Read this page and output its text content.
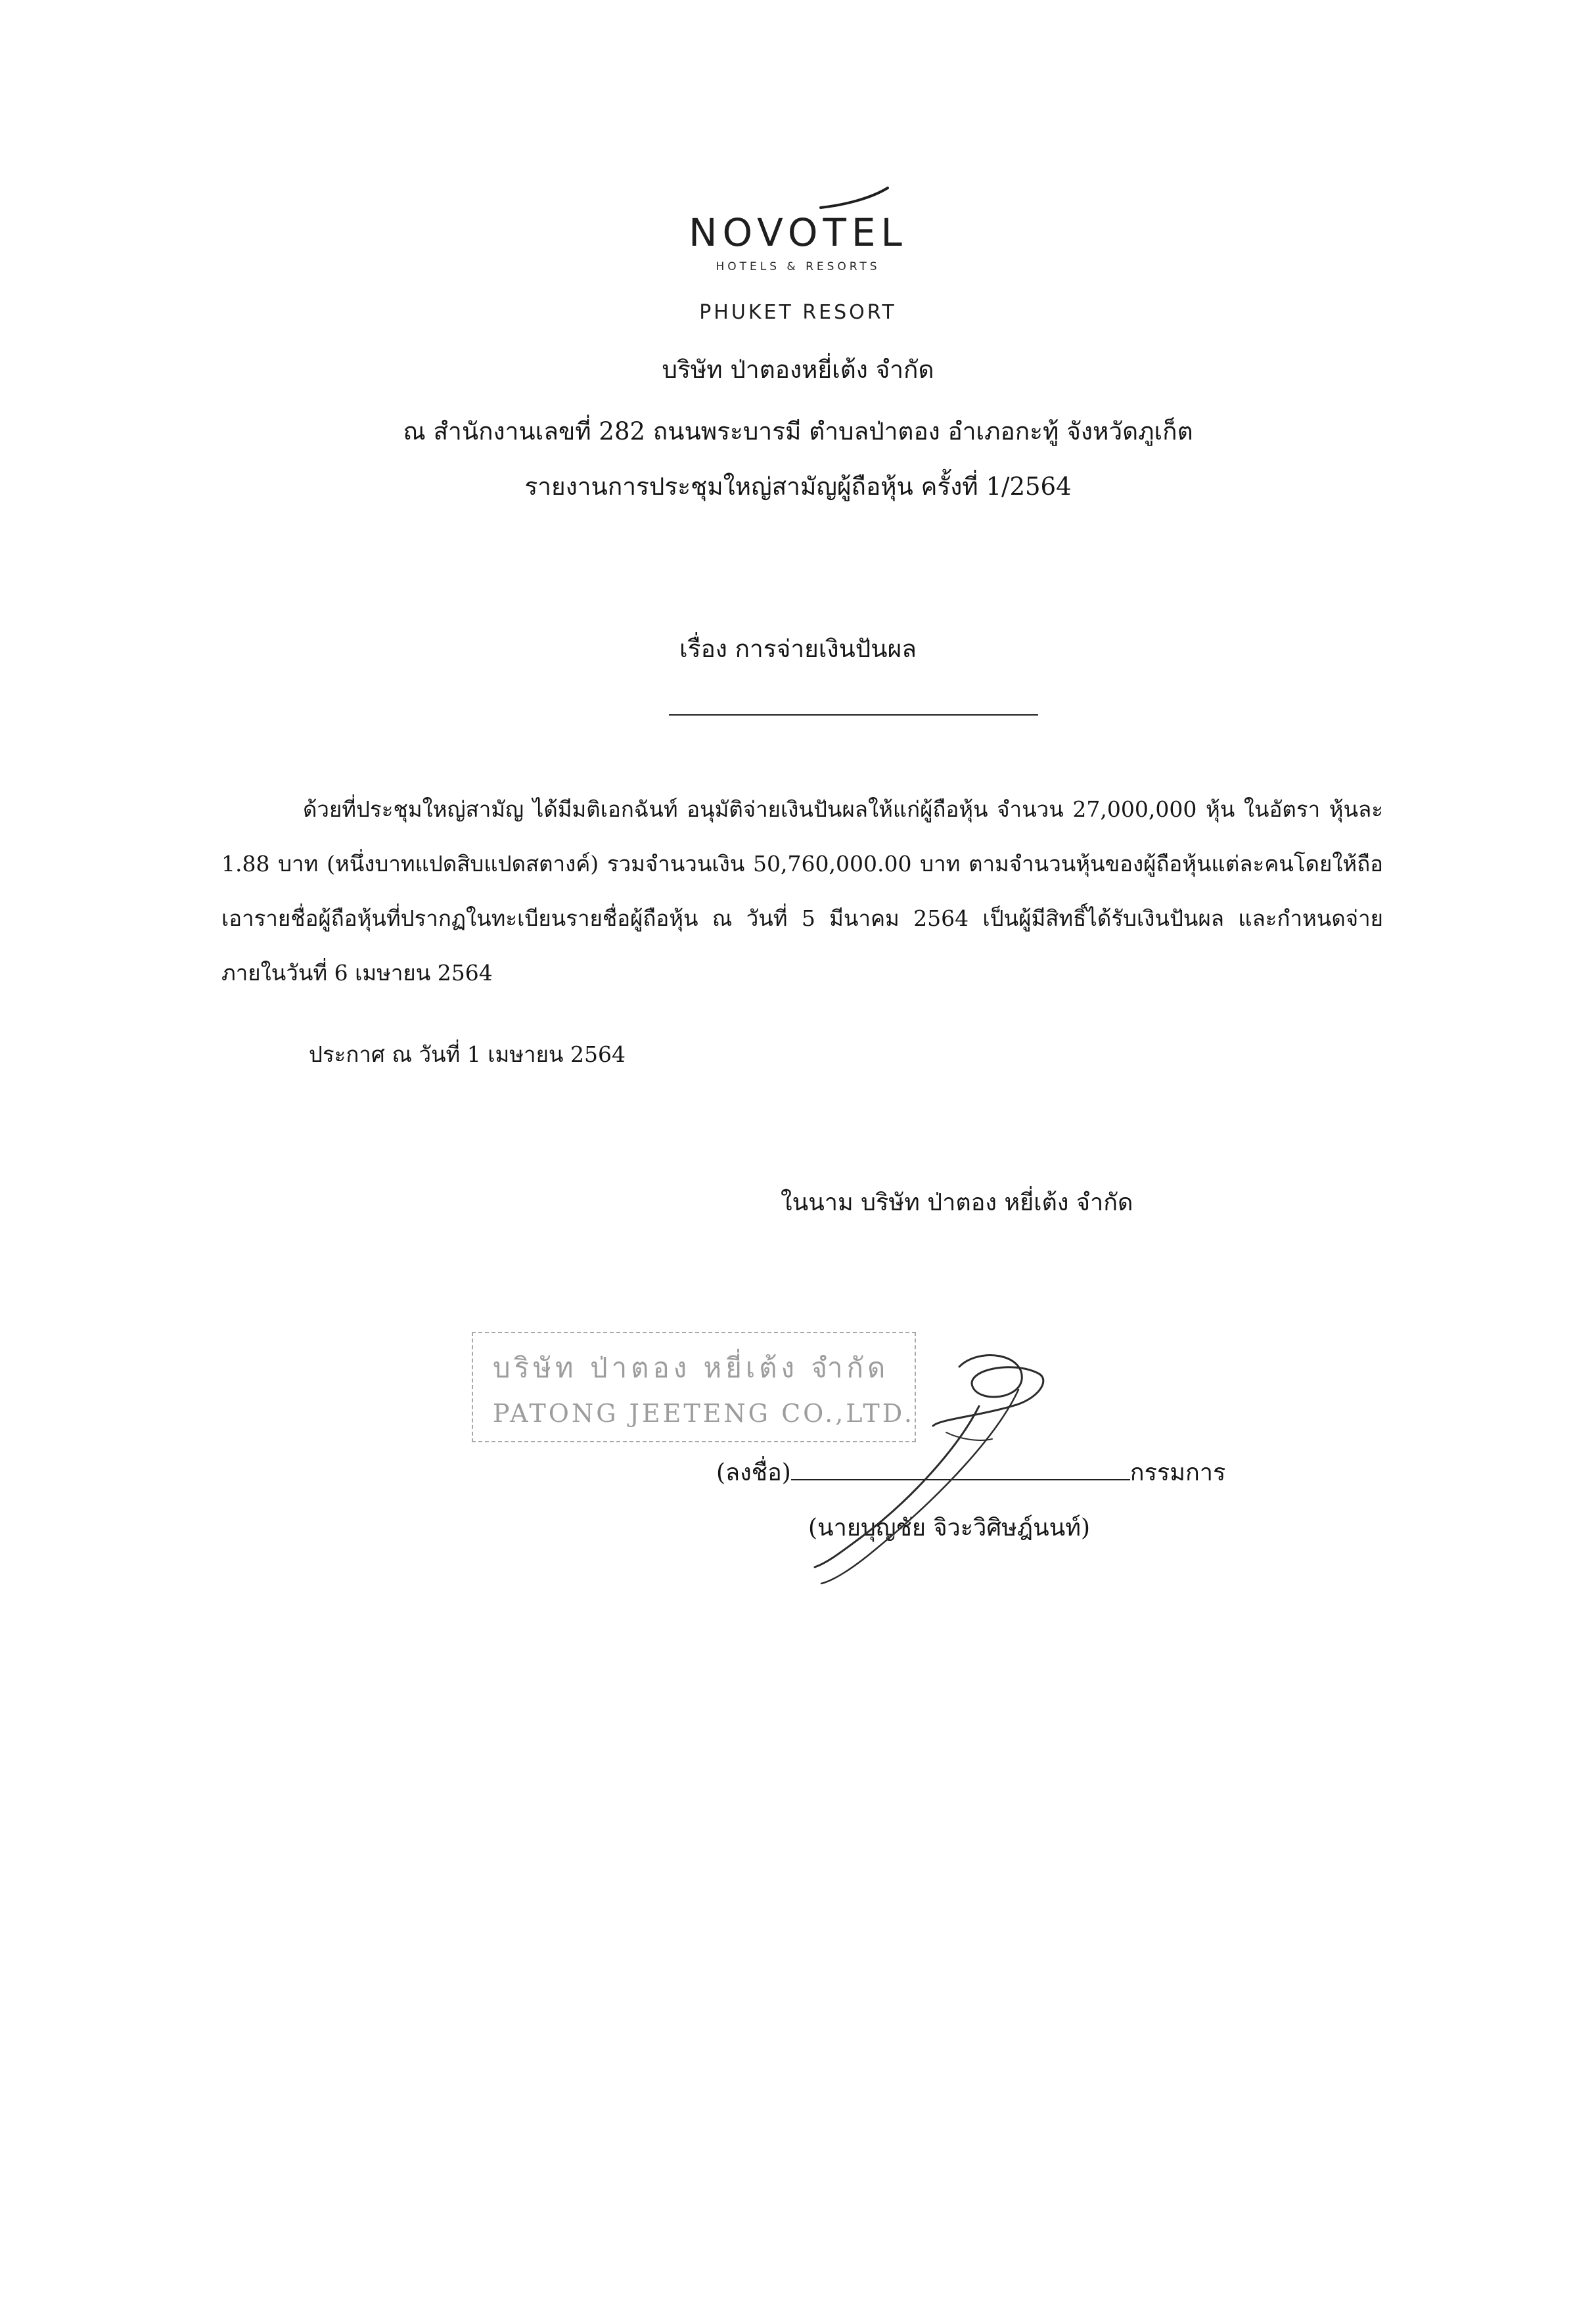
NOVOTEL
HOTELS & RESORTS
PHUKET RESORT
บริษัท ป่าตองหยี่เต้ง จำกัด
ณ สำนักงานเลขที่ 282 ถนนพระบารมี ตำบลป่าตอง อำเภอกะทู้ จังหวัดภูเก็ต
รายงานการประชุมใหญ่สามัญผู้ถือหุ้น ครั้งที่ 1/2564
เรื่อง การจ่ายเงินปันผล

ด้วยที่ประชุมใหญ่สามัญ ได้มีมติเอกฉันท์ อนุมัติจ่ายเงินปันผลให้แก่ผู้ถือหุ้น จำนวน 27,000,000 หุ้น ในอัตรา หุ้นละ 1.88 บาท (หนึ่งบาทแปดสิบแปดสตางค์) รวมจำนวนเงิน 50,760,000.00 บาท ตามจำนวนหุ้นของผู้ถือหุ้นแต่ละคนโดยให้ถือเอารายชื่อผู้ถือหุ้นที่ปรากฏในทะเบียนรายชื่อผู้ถือหุ้น ณ วันที่ 5 มีนาคม 2564 เป็นผู้มีสิทธิ์ได้รับเงินปันผล และกำหนดจ่ายภายในวันที่ 6 เมษายน 2564

ประกาศ ณ วันที่ 1 เมษายน 2564
ในนาม บริษัท ป่าตอง หยี่เต้ง จำกัด
บริษัท ป่าตอง หยี่เต้ง จำกัด
PATONG JEETENG CO.,LTD.
(ลงชื่อ)	กรรมการ
(นายบุญชัย จิวะวิศิษฎ์นนท์)
